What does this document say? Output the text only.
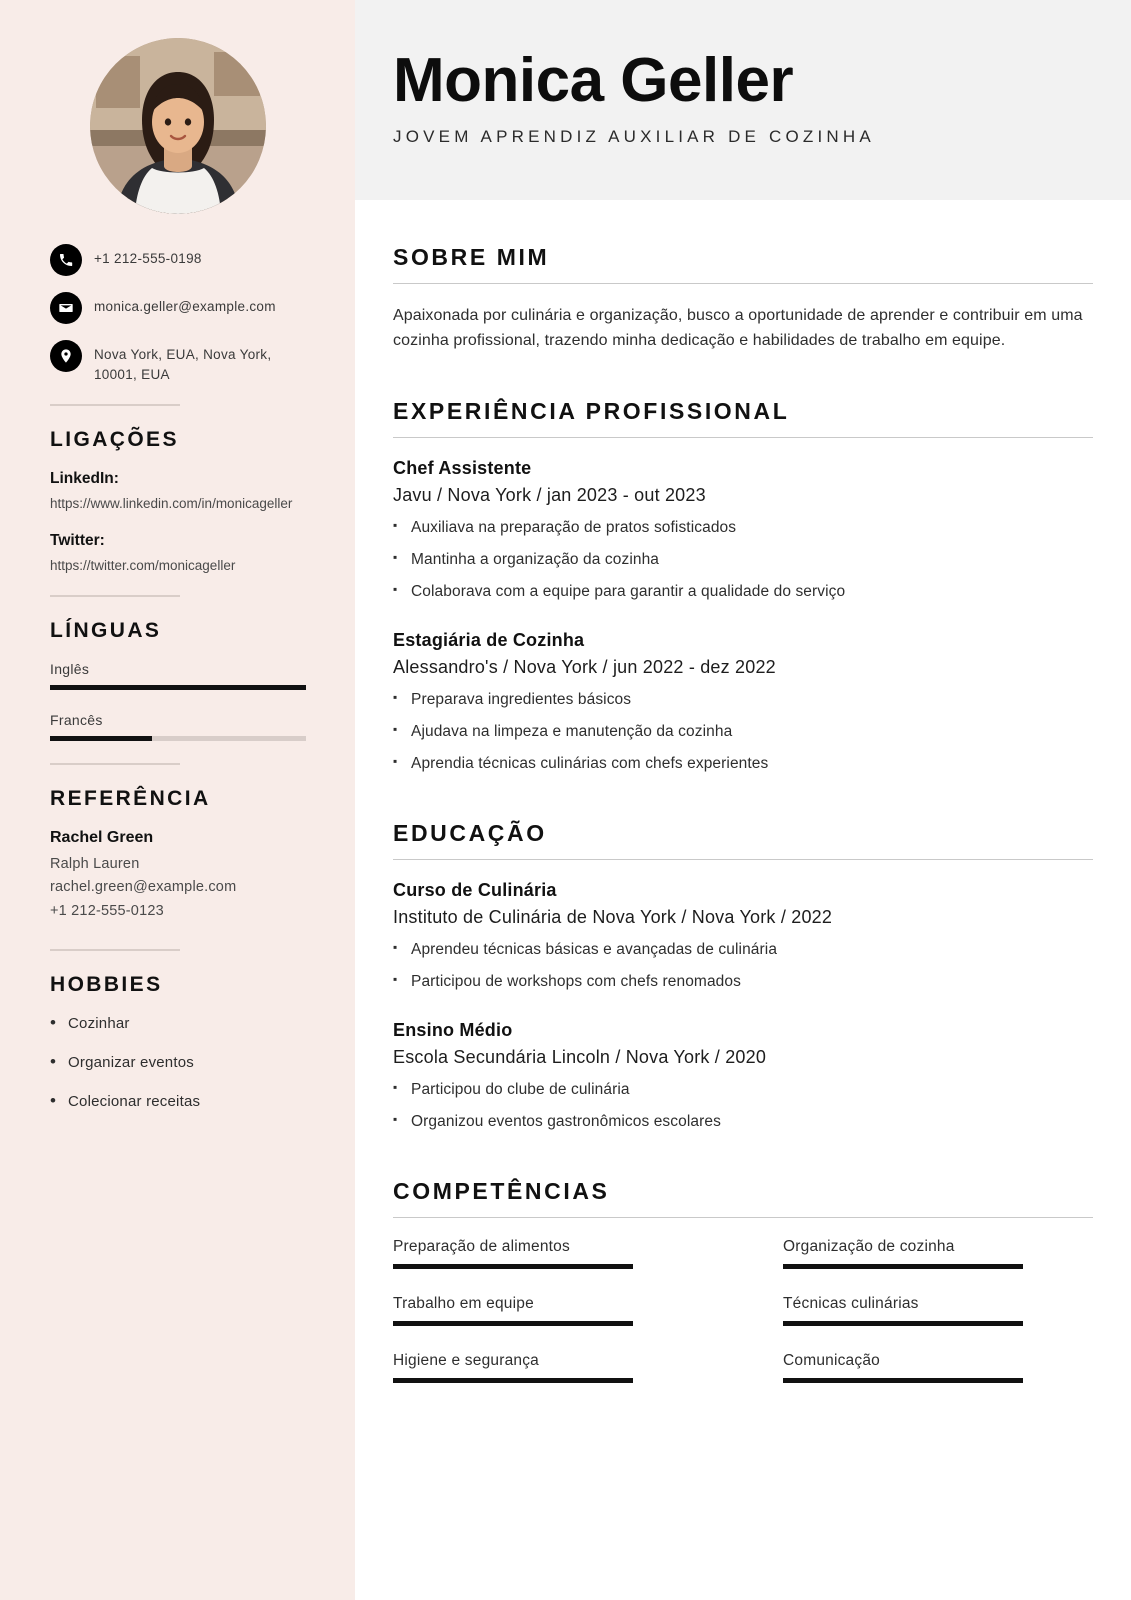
+1 212-555-0198
monica.geller@example.com
Nova York, EUA, Nova York, 10001, EUA
LIGAÇÕES
LinkedIn:
https://www.linkedin.com/in/monicageller
Twitter:
https://twitter.com/monicageller
LÍNGUAS
Inglês
Francês
REFERÊNCIA
Rachel Green
Ralph Lauren
rachel.green@example.com
+1 212-555-0123
HOBBIES
• Cozinhar
• Organizar eventos
• Colecionar receitas
Monica Geller
JOVEM APRENDIZ AUXILIAR DE COZINHA
SOBRE MIM

Apaixonada por culinária e organização, busco a oportunidade de aprender e contribuir em uma cozinha profissional, trazendo minha dedicação e habilidades de trabalho em equipe.

EXPERIÊNCIA PROFISSIONAL
Chef Assistente
Javu / Nova York / jan 2023 - out 2023
▪ Auxiliava na preparação de pratos sofisticados
▪ Mantinha a organização da cozinha
▪ Colaborava com a equipe para garantir a qualidade do serviço
Estagiária de Cozinha
Alessandro's / Nova York / jun 2022 - dez 2022
▪ Preparava ingredientes básicos
▪ Ajudava na limpeza e manutenção da cozinha
▪ Aprendia técnicas culinárias com chefs experientes
EDUCAÇÃO
Curso de Culinária
Instituto de Culinária de Nova York / Nova York / 2022
▪ Aprendeu técnicas básicas e avançadas de culinária
▪ Participou de workshops com chefs renomados
Ensino Médio
Escola Secundária Lincoln / Nova York / 2020
▪ Participou do clube de culinária
▪ Organizou eventos gastronômicos escolares
COMPETÊNCIAS
Preparação de alimentos	Organização de cozinha
Trabalho em equipe	Técnicas culinárias
Higiene e segurança	Comunicação
